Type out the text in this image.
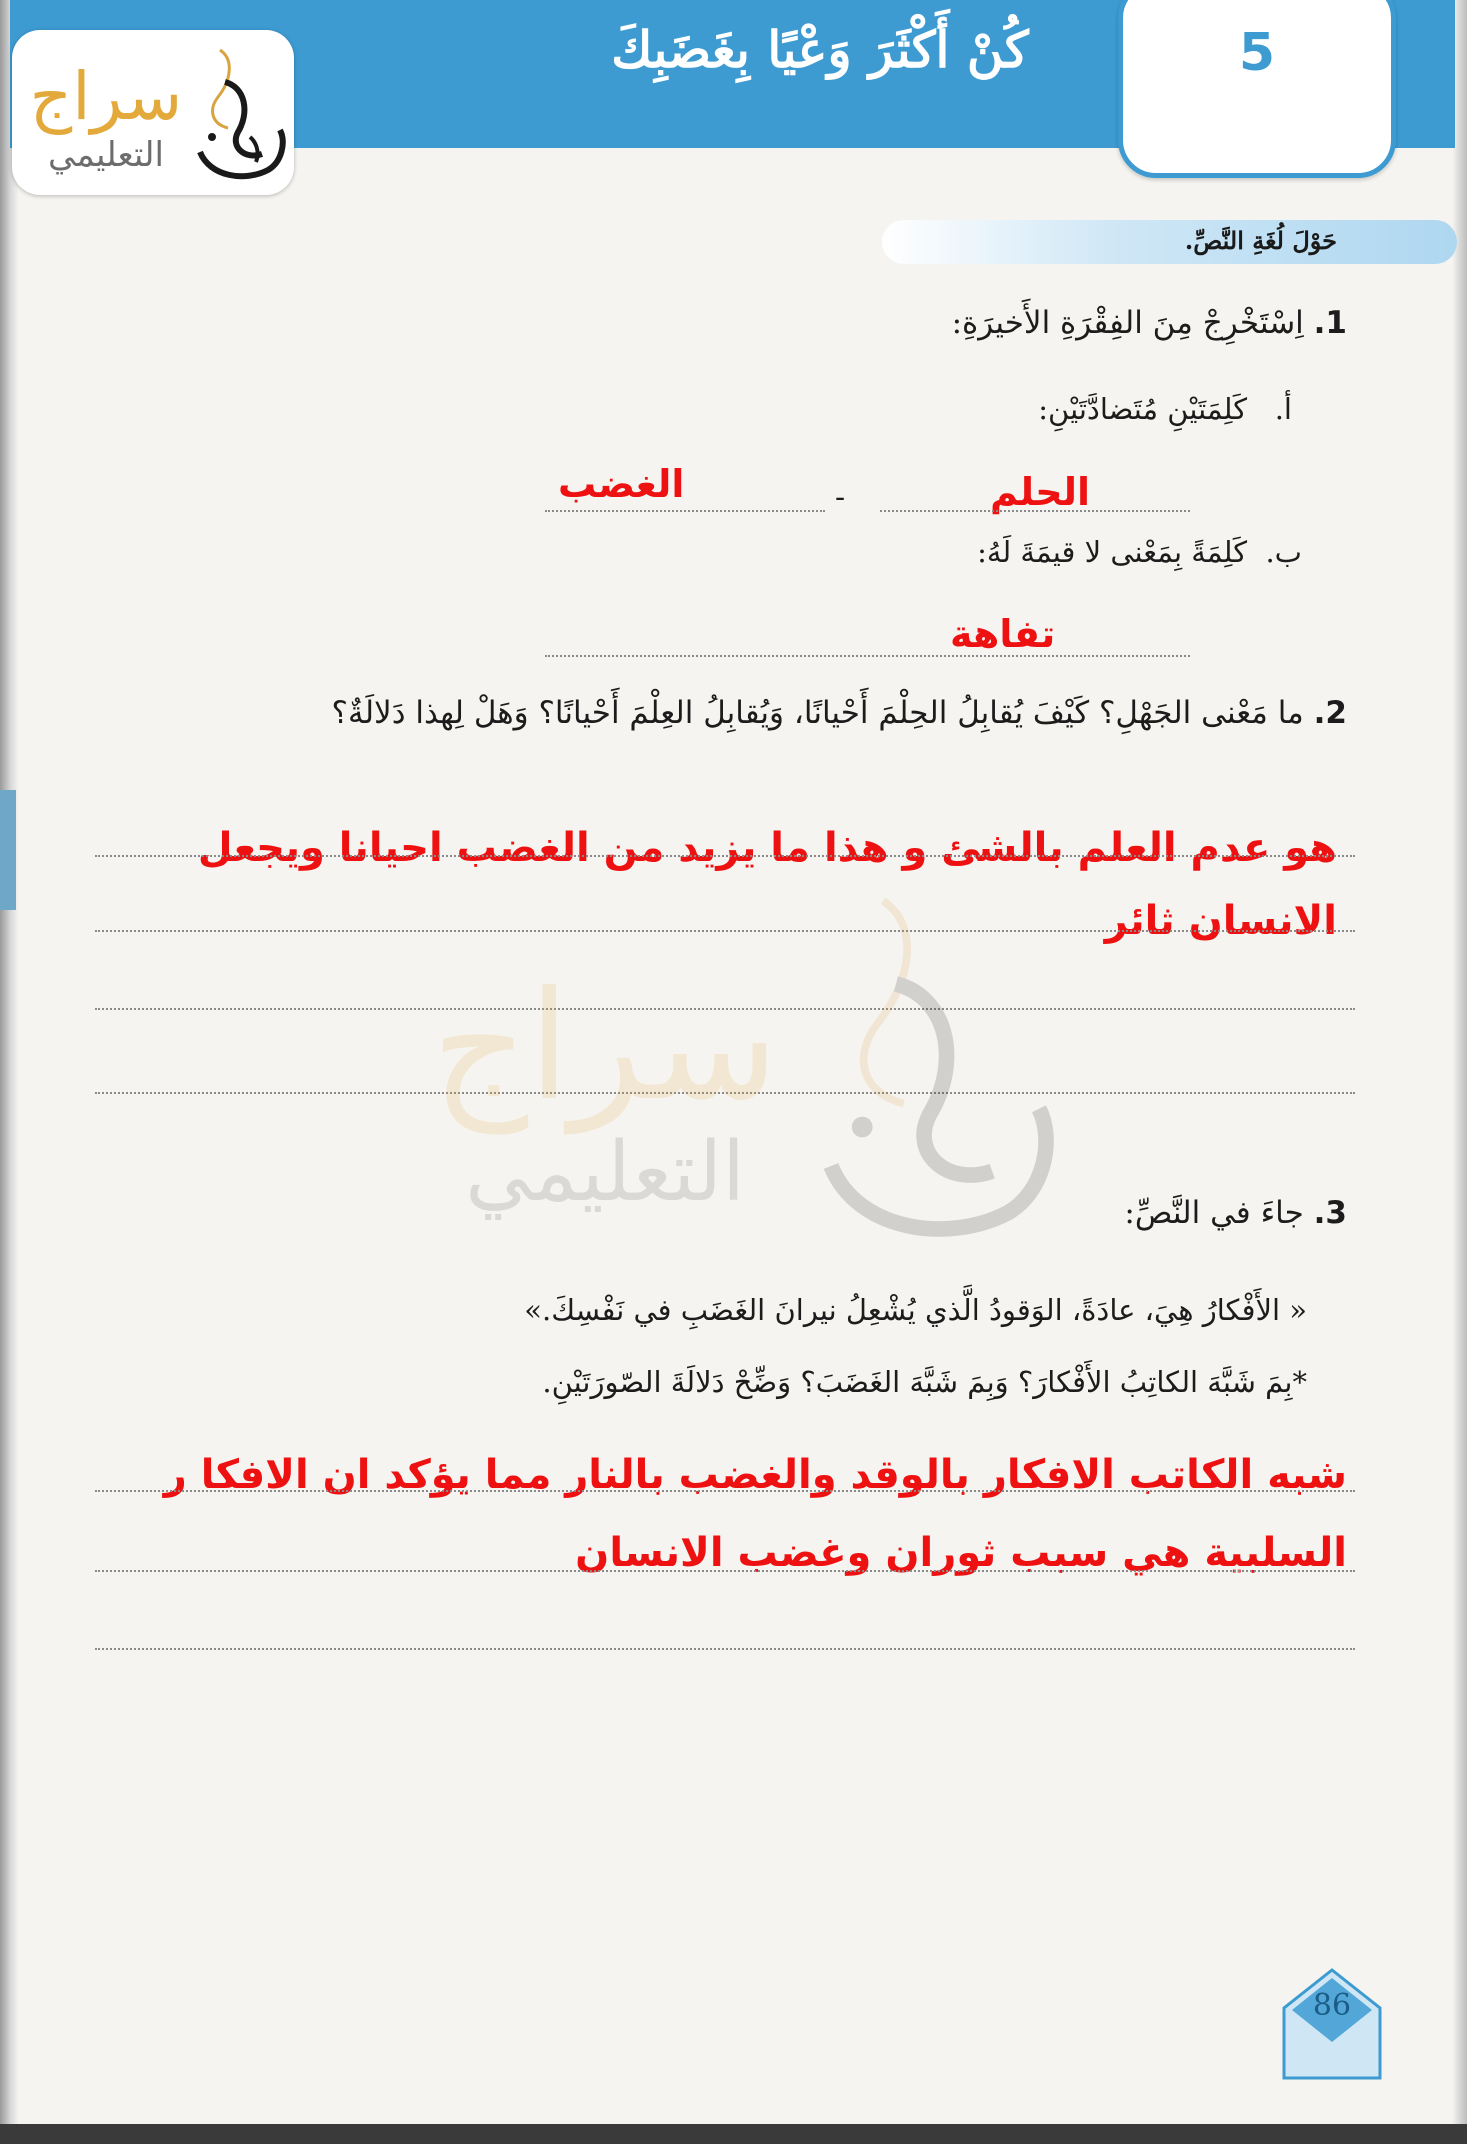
كُنْ أَكْثَرَ وَعْيًا بِغَضَبِكَ	5
سراج
التعليمي
حَوْلَ لُغَةِ النَّصِّ.
1. اِسْتَخْرِجْ مِنَ الفِقْرَةِ الأَخيرَةِ:
أ.   كَلِمَتَيْنِ مُتَضادَّتَيْنِ:
الحلم
-
الغضب
ب.  كَلِمَةً بِمَعْنى لا قيمَةَ لَهُ:
تفاهة
2. ما مَعْنى الجَهْلِ؟ كَيْفَ يُقابِلُ الحِلْمَ أَحْيانًا، وَيُقابِلُ العِلْمَ أَحْيانًا؟ وَهَلْ لِهذا دَلالَةٌ؟
هو عدم العلم بالشئ و هذا ما يزيد من الغضب احيانا ويجعل
الانسان ثائر
سراج
التعليمي	3. جاءَ في النَّصِّ:
« الأَفْكارُ هِيَ، عادَةً، الوَقودُ الَّذي يُشْعِلُ نيرانَ الغَضَبِ في نَفْسِكَ.»
*بِمَ شَبَّهَ الكاتِبُ الأَفْكارَ؟ وَبِمَ شَبَّهَ الغَضَبَ؟ وَضِّحْ دَلالَةَ الصّورَتَيْنِ.
شبه الكاتب الافكار بالوقد والغضب بالنار مما يؤكد ان الافكا ر
السلبية هي سبب ثوران وغضب الانسان
86
